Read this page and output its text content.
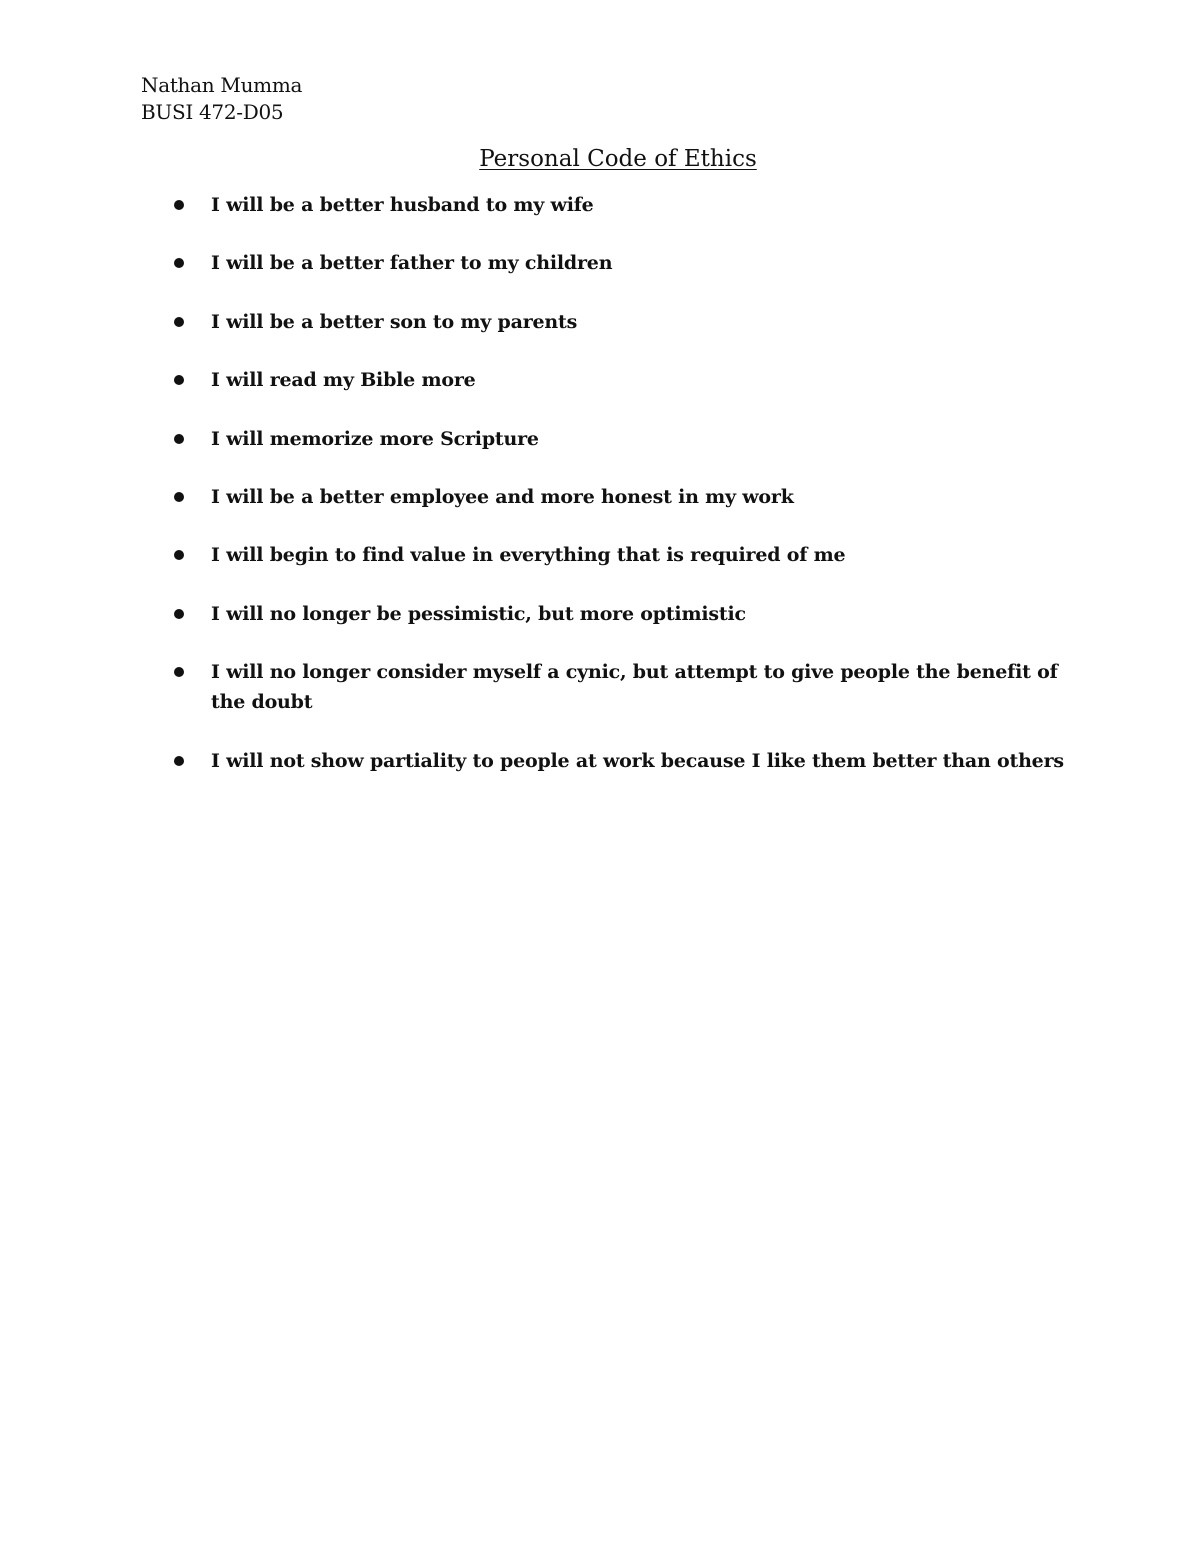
Nathan Mumma
BUSI 472-D05
Personal Code of Ethics
I will be a better husband to my wife
I will be a better father to my children
I will be a better son to my parents
I will read my Bible more
I will memorize more Scripture
I will be a better employee and more honest in my work
I will begin to find value in everything that is required of me
I will no longer be pessimistic, but more optimistic
I will no longer consider myself a cynic, but attempt to give people the benefit of the doubt
I will not show partiality to people at work because I like them better than others
